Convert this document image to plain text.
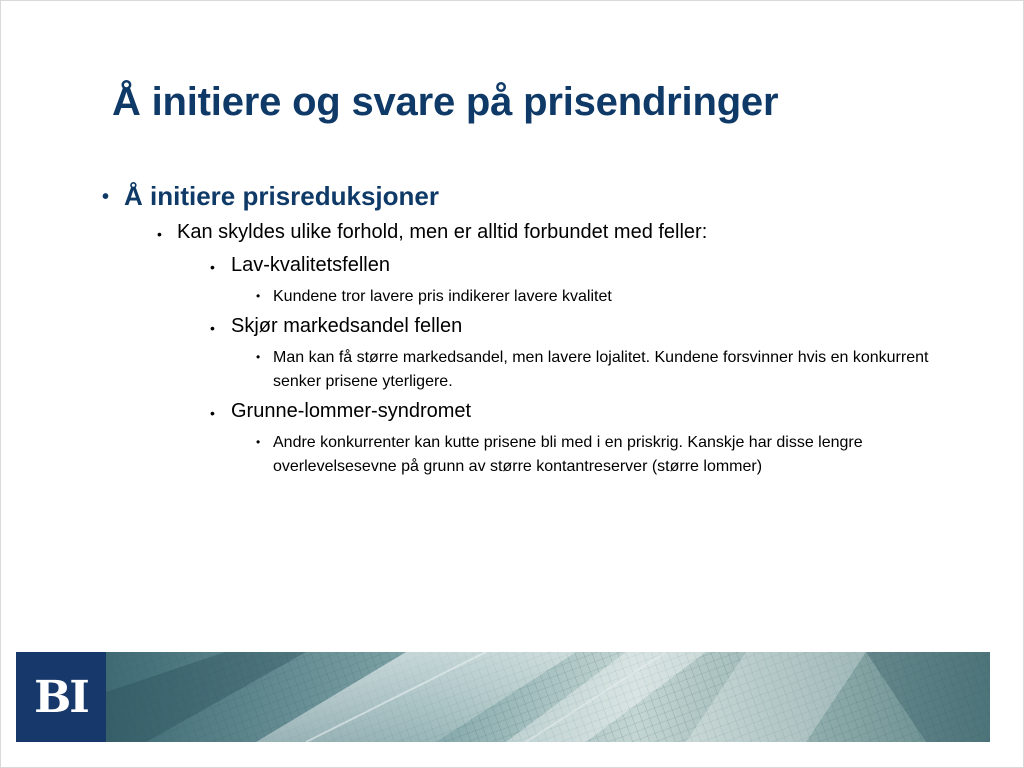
Å initiere og svare på prisendringer
• Å initiere prisreduksjoner
• Kan skyldes ulike forhold, men er alltid forbundet med feller:
• Lav-kvalitetsfellen
• Kundene tror lavere pris indikerer lavere kvalitet
• Skjør markedsandel fellen
• Man kan få større markedsandel, men lavere lojalitet. Kundene forsvinner hvis en konkurrent senker prisene yterligere.
• Grunne-lommer-syndromet
• Andre konkurrenter kan kutte prisene bli med i en priskrig. Kanskje har disse lengre overlevelsesevne på grunn av større kontantreserver (større lommer)
BI
